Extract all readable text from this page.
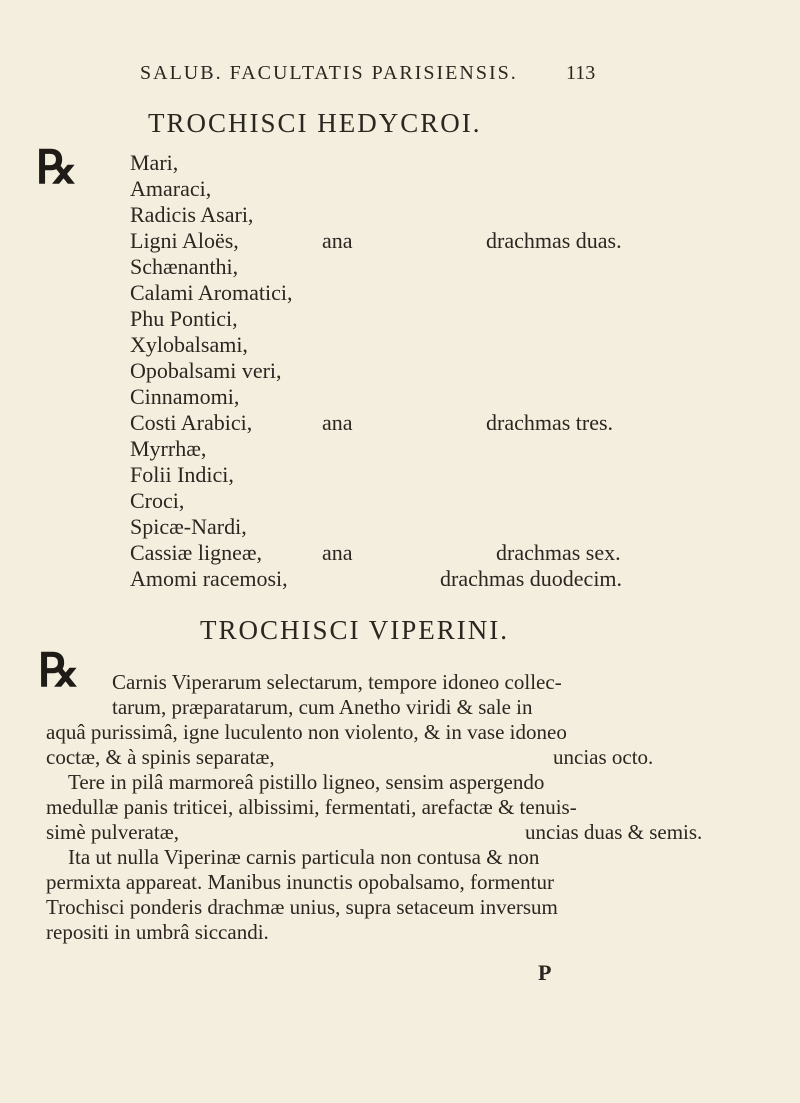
SALUB. FACULTATIS PARISIENSIS. 113
TROCHISCI HEDYCROI.
℞ Mari,
Amaraci,
Radicis Asari,
Ligni Aloës,
Schænanthi,
Calami Aromatici,
Phu Pontici,
Xylobalsami,
Opobalsami veri,
Cinnamomi,
Costi Arabici,
Myrrhæ,
Folii Indici,
Croci,
Spicæ-Nardi,
Cassiæ ligneæ,
Amomi racemosi,
ana
ana
ana
drachmas duas.
drachmas tres.
drachmas sex.
drachmas duodecim.
TROCHISCI VIPERINI.
℞ Carnis Viperarum selectarum, tempore idoneo collec-
tarum, præparatarum, cum Anetho viridi & sale in
aquâ purissimâ, igne luculento non violento, & in vase idoneo
coctæ, & à spinis separatæ,	uncias octo.
Tere in pilâ marmoreâ pistillo ligneo, sensim aspergendo
medullæ panis triticei, albissimi, fermentati, arefactæ & tenuis-
simè pulveratæ,	uncias duas & semis.
Ita ut nulla Viperinæ carnis particula non contusa & non
permixta appareat. Manibus inunctis opobalsamo, formentur
Trochisci ponderis drachmæ unius, supra setaceum inversum
repositi in umbrâ siccandi.
P
